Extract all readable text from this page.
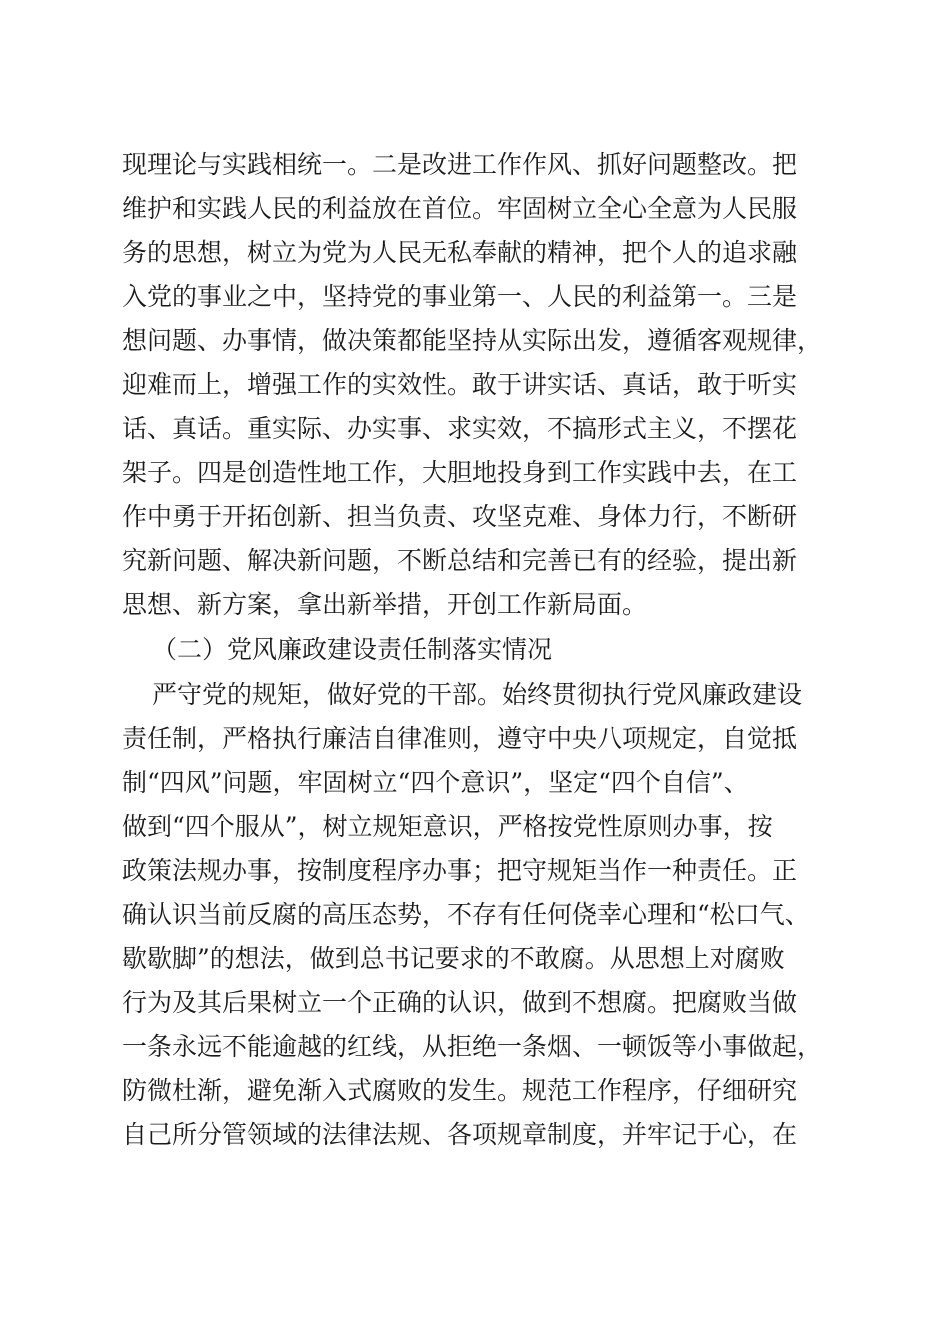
现理论与实践相统一。二是改进工作作风、抓好问题整改。把
维护和实践人民的利益放在首位。牢固树立全心全意为人民服
务的思想，树立为党为人民无私奉献的精神，把个人的追求融
入党的事业之中，坚持党的事业第一、人民的利益第一。三是
想问题、办事情，做决策都能坚持从实际出发，遵循客观规律，
迎难而上，增强工作的实效性。敢于讲实话、真话，敢于听实
话、真话。重实际、办实事、求实效，不搞形式主义，不摆花
架子。四是创造性地工作，大胆地投身到工作实践中去，在工
作中勇于开拓创新、担当负责、攻坚克难、身体力行，不断研
究新问题、解决新问题，不断总结和完善已有的经验，提出新
思想、新方案，拿出新举措，开创工作新局面。
（二）党风廉政建设责任制落实情况
严守党的规矩，做好党的干部。始终贯彻执行党风廉政建设
责任制，严格执行廉洁自律准则，遵守中央八项规定，自觉抵
制“四风”问题，牢固树立“四个意识”，坚定“四个自信”、
做到“四个服从”，树立规矩意识，严格按党性原则办事，按
政策法规办事，按制度程序办事；把守规矩当作一种责任。正
确认识当前反腐的高压态势，不存有任何侥幸心理和“松口气、
歇歇脚”的想法，做到总书记要求的不敢腐。从思想上对腐败
行为及其后果树立一个正确的认识，做到不想腐。把腐败当做
一条永远不能逾越的红线，从拒绝一条烟、一顿饭等小事做起，
防微杜渐，避免渐入式腐败的发生。规范工作程序，仔细研究
自己所分管领域的法律法规、各项规章制度，并牢记于心，在
